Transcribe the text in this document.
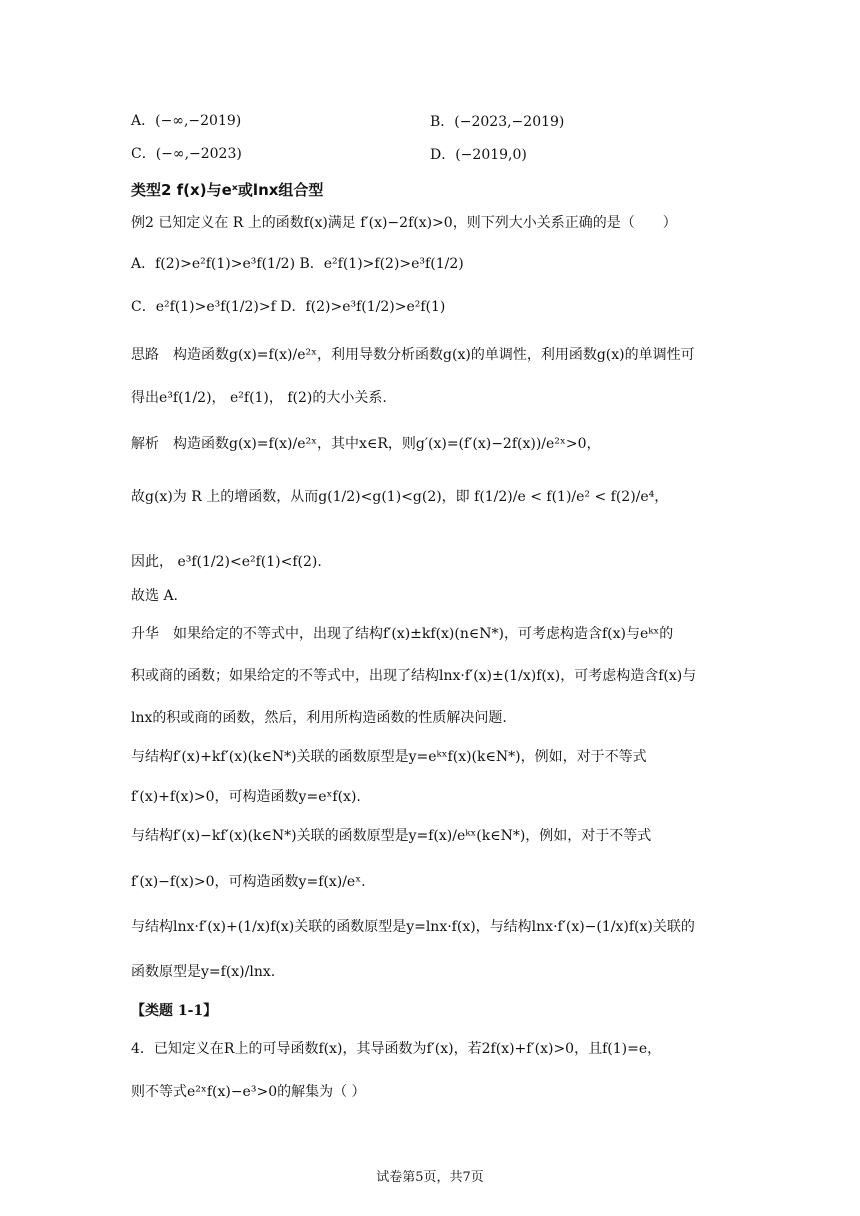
A．(−∞,−2019)	B．(−2023,−2019)
C．(−∞,−2023)	D．(−2019,0)
类型2 f(x)与eˣ或lnx组合型
例2 已知定义在 R 上的函数f(x)满足 f′(x)−2f(x)>0，则下列大小关系正确的是（　　）
A．f(2)>e²f(1)>e³f(1/2) B．e²f(1)>f(2)>e³f(1/2)
C．e²f(1)>e³f(1/2)>f D．f(2)>e³f(1/2)>e²f(1)
思路　构造函数g(x)=f(x)/e²ˣ，利用导数分析函数g(x)的单调性，利用函数g(x)的单调性可
得出e³f(1/2)， e²f(1)， f(2)的大小关系.
解析　构造函数g(x)=f(x)/e²ˣ，其中x∈R，则g′(x)=(f′(x)−2f(x))/e²ˣ>0，
故g(x)为 R 上的增函数，从而g(1/2)<g(1)<g(2)，即 f(1/2)/e < f(1)/e² < f(2)/e⁴，
因此， e³f(1/2)<e²f(1)<f(2).
故选 A.
升华　如果给定的不等式中，出现了结构f′(x)±kf(x)(n∈N*)，可考虑构造含f(x)与eᵏˣ的
积或商的函数；如果给定的不等式中，出现了结构lnx·f′(x)±(1/x)f(x)，可考虑构造含f(x)与
lnx的积或商的函数，然后，利用所构造函数的性质解决问题.
与结构f′(x)+kf′(x)(k∈N*)关联的函数原型是y=eᵏˣf(x)(k∈N*)，例如，对于不等式
f′(x)+f(x)>0，可构造函数y=eˣf(x).
与结构f′(x)−kf′(x)(k∈N*)关联的函数原型是y=f(x)/eᵏˣ(k∈N*)，例如，对于不等式
f′(x)−f(x)>0，可构造函数y=f(x)/eˣ.
与结构lnx·f′(x)+(1/x)f(x)关联的函数原型是y=lnx·f(x)，与结构lnx·f′(x)−(1/x)f(x)关联的
函数原型是y=f(x)/lnx.
【类题 1-1】
4．已知定义在R上的可导函数f(x)，其导函数为f′(x)，若2f(x)+f′(x)>0，且f(1)=e，
则不等式e²ˣf(x)−e³>0的解集为（ ）
试卷第5页，共7页
